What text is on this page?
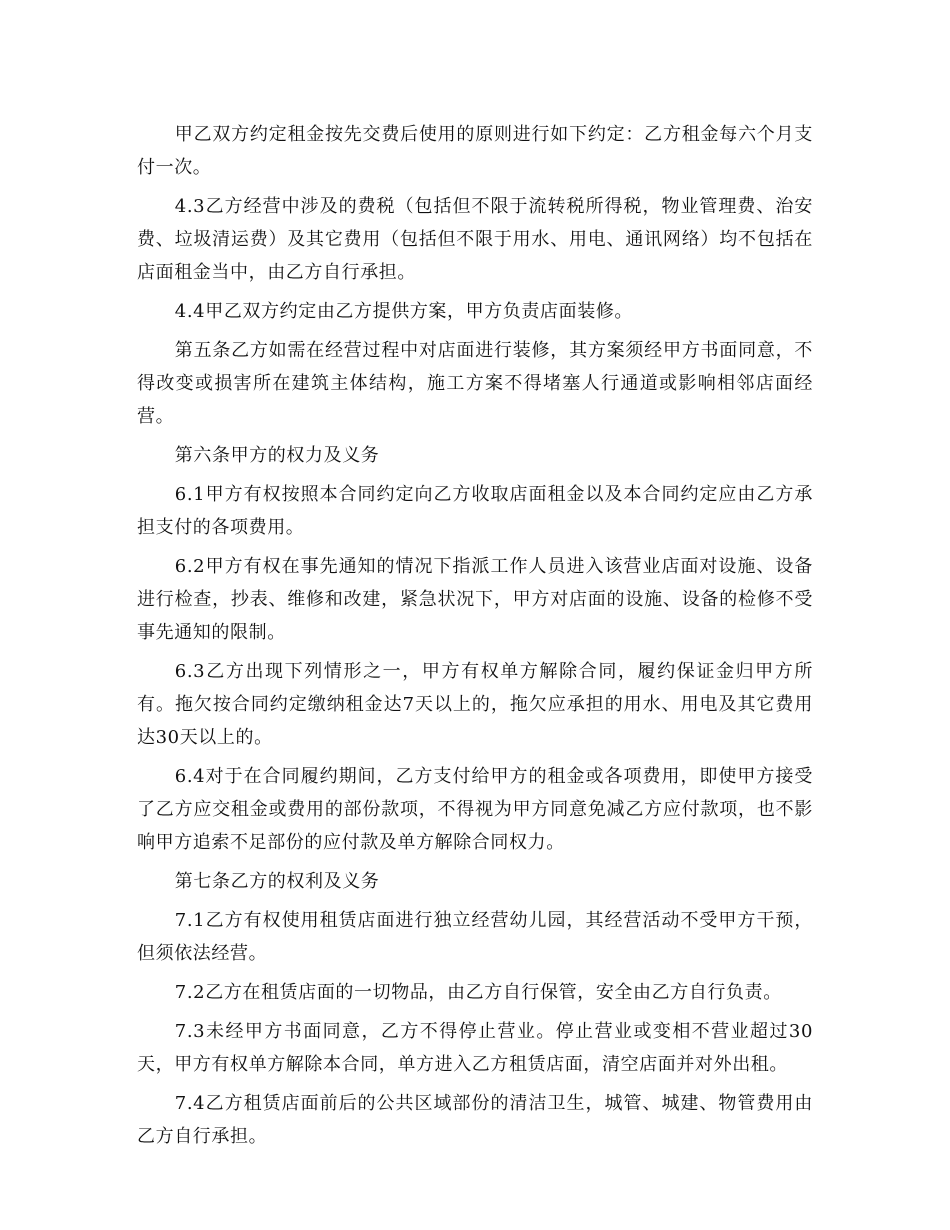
甲乙双方约定租金按先交费后使用的原则进行如下约定：乙方租金每六个月支付一次。

4.3乙方经营中涉及的费税（包括但不限于流转税所得税，物业管理费、治安费、垃圾清运费）及其它费用（包括但不限于用水、用电、通讯网络）均不包括在店面租金当中，由乙方自行承担。

4.4甲乙双方约定由乙方提供方案，甲方负责店面装修。

第五条乙方如需在经营过程中对店面进行装修，其方案须经甲方书面同意，不得改变或损害所在建筑主体结构，施工方案不得堵塞人行通道或影响相邻店面经营。

第六条甲方的权力及义务

6.1甲方有权按照本合同约定向乙方收取店面租金以及本合同约定应由乙方承担支付的各项费用。

6.2甲方有权在事先通知的情况下指派工作人员进入该营业店面对设施、设备进行检查，抄表、维修和改建，紧急状况下，甲方对店面的设施、设备的检修不受事先通知的限制。

6.3乙方出现下列情形之一，甲方有权单方解除合同，履约保证金归甲方所有。拖欠按合同约定缴纳租金达7天以上的，拖欠应承担的用水、用电及其它费用达30天以上的。

6.4对于在合同履约期间，乙方支付给甲方的租金或各项费用，即使甲方接受了乙方应交租金或费用的部份款项，不得视为甲方同意免减乙方应付款项，也不影响甲方追索不足部份的应付款及单方解除合同权力。

第七条乙方的权利及义务

7.1乙方有权使用租赁店面进行独立经营幼儿园，其经营活动不受甲方干预，但须依法经营。

7.2乙方在租赁店面的一切物品，由乙方自行保管，安全由乙方自行负责。

7.3未经甲方书面同意，乙方不得停止营业。停止营业或变相不营业超过30天，甲方有权单方解除本合同，单方进入乙方租赁店面，清空店面并对外出租。

7.4乙方租赁店面前后的公共区域部份的清洁卫生，城管、城建、物管费用由乙方自行承担。
